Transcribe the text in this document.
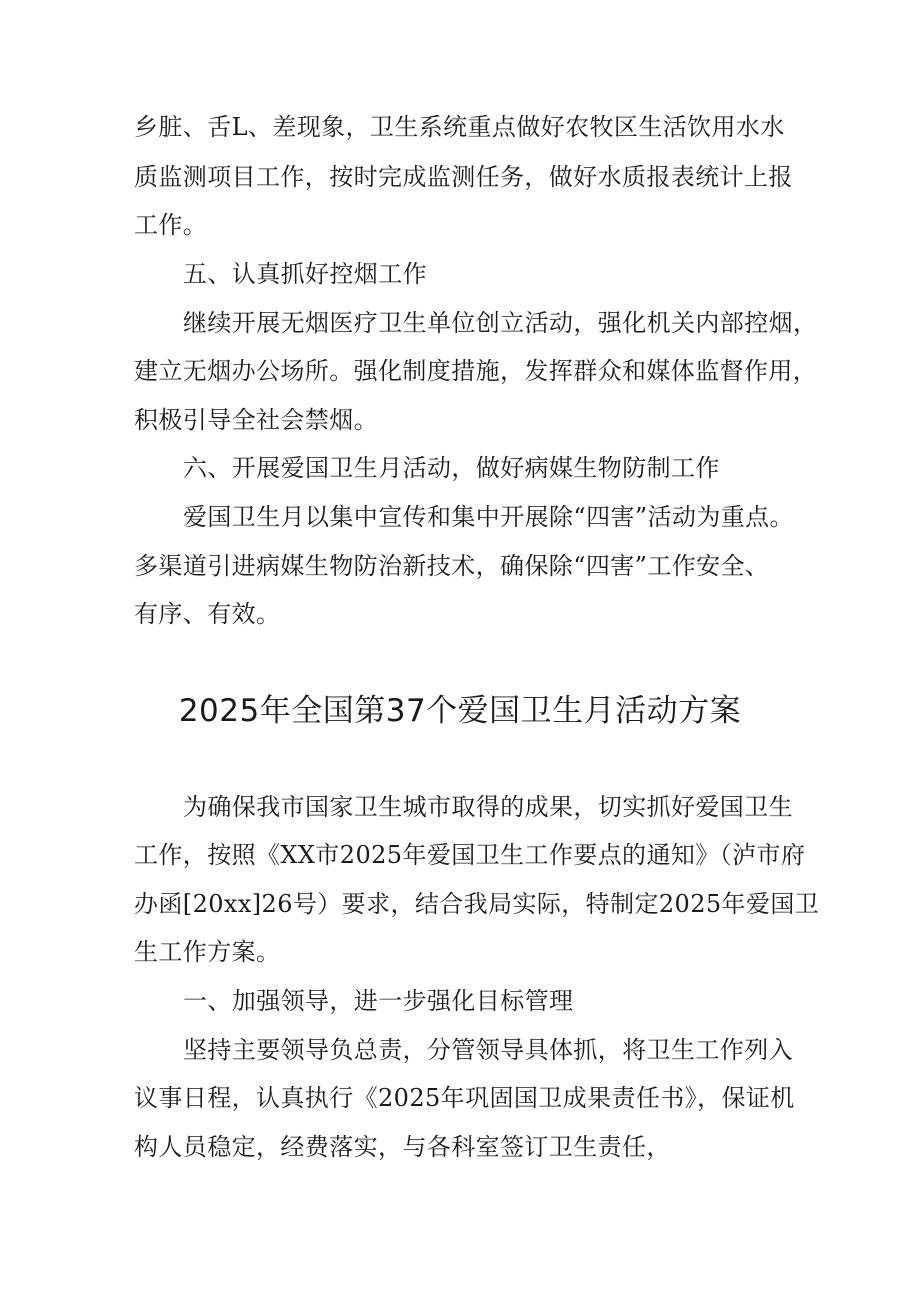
乡脏、舌L、差现象，卫生系统重点做好农牧区生活饮用水水
质监测项目工作，按时完成监测任务，做好水质报表统计上报
工作。
五、认真抓好控烟工作
继续开展无烟医疗卫生单位创立活动，强化机关内部控烟，
建立无烟办公场所。强化制度措施，发挥群众和媒体监督作用，
积极引导全社会禁烟。
六、开展爱国卫生月活动，做好病媒生物防制工作
爱国卫生月以集中宣传和集中开展除“四害”活动为重点。
多渠道引进病媒生物防治新技术，确保除“四害”工作安全、
有序、有效。
2025年全国第37个爱国卫生月活动方案
为确保我市国家卫生城市取得的成果，切实抓好爱国卫生
工作，按照《XX市2025年爱国卫生工作要点的通知》（泸市府
办函[20xx]26号）要求，结合我局实际，特制定2025年爱国卫
生工作方案。
一、加强领导，进一步强化目标管理
坚持主要领导负总责，分管领导具体抓，将卫生工作列入
议事日程，认真执行《2025年巩固国卫成果责任书》，保证机
构人员稳定，经费落实，与各科室签订卫生责任，
